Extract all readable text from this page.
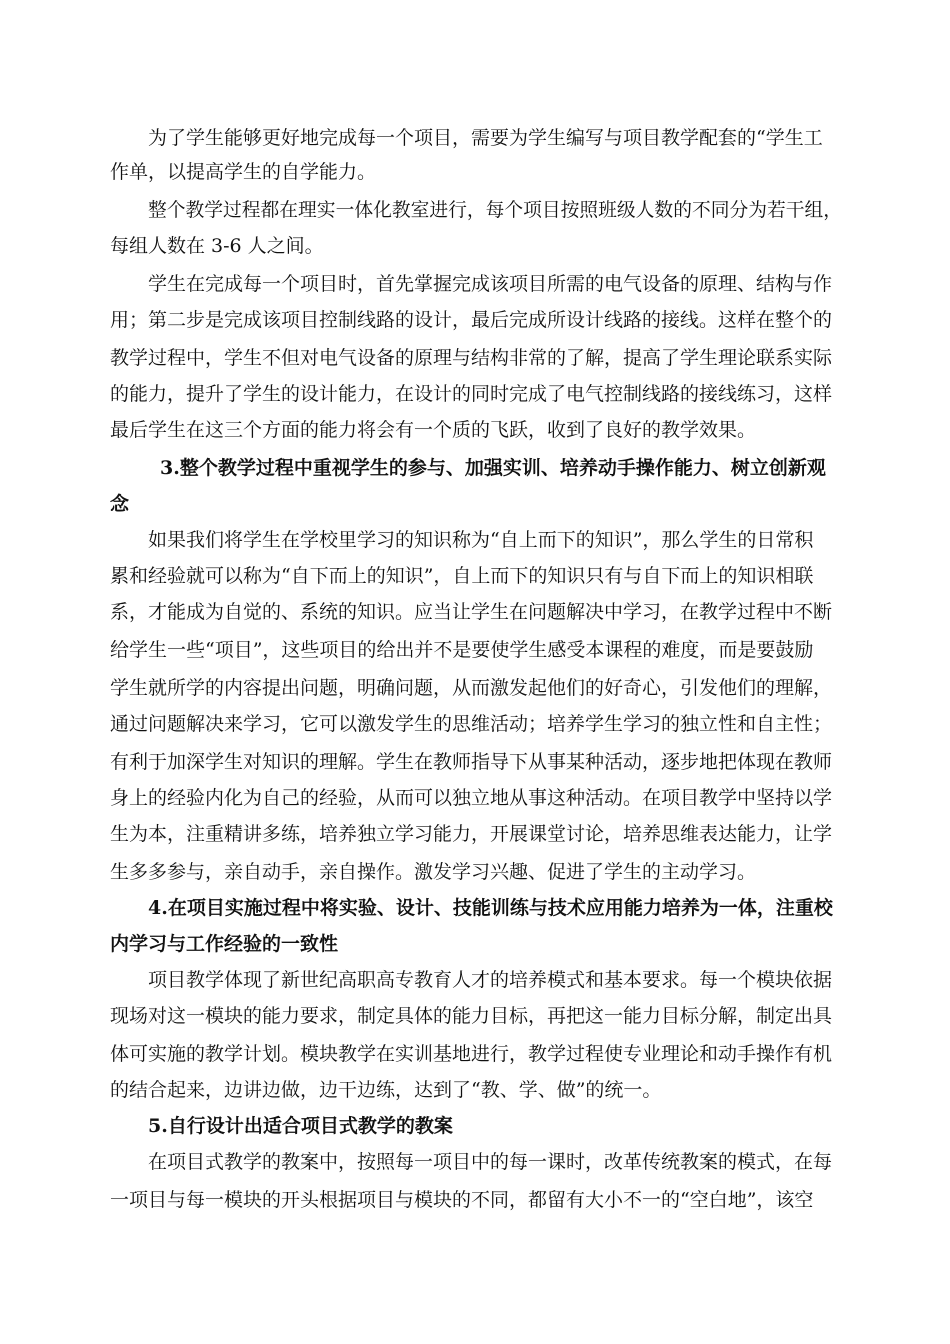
为了学生能够更好地完成每一个项目，需要为学生编写与项目教学配套的“学生工
作单，以提高学生的自学能力。
整个教学过程都在理实一体化教室进行，每个项目按照班级人数的不同分为若干组，
每组人数在 3-6 人之间。
学生在完成每一个项目时，首先掌握完成该项目所需的电气设备的原理、结构与作
用；第二步是完成该项目控制线路的设计，最后完成所设计线路的接线。这样在整个的
教学过程中，学生不但对电气设备的原理与结构非常的了解，提高了学生理论联系实际
的能力，提升了学生的设计能力，在设计的同时完成了电气控制线路的接线练习，这样
最后学生在这三个方面的能力将会有一个质的飞跃，收到了良好的教学效果。
3.整个教学过程中重视学生的参与、加强实训、培养动手操作能力、树立创新观
念
如果我们将学生在学校里学习的知识称为“自上而下的知识”，那么学生的日常积
累和经验就可以称为“自下而上的知识”，自上而下的知识只有与自下而上的知识相联
系，才能成为自觉的、系统的知识。应当让学生在问题解决中学习，在教学过程中不断
给学生一些“项目”，这些项目的给出并不是要使学生感受本课程的难度，而是要鼓励
学生就所学的内容提出问题，明确问题，从而激发起他们的好奇心，引发他们的理解，
通过问题解决来学习，它可以激发学生的思维活动；培养学生学习的独立性和自主性；
有利于加深学生对知识的理解。学生在教师指导下从事某种活动，逐步地把体现在教师
身上的经验内化为自己的经验，从而可以独立地从事这种活动。在项目教学中坚持以学
生为本，注重精讲多练，培养独立学习能力，开展课堂讨论，培养思维表达能力，让学
生多多参与，亲自动手，亲自操作。激发学习兴趣、促进了学生的主动学习。
4.在项目实施过程中将实验、设计、技能训练与技术应用能力培养为一体，注重校
内学习与工作经验的一致性
项目教学体现了新世纪高职高专教育人才的培养模式和基本要求。每一个模块依据
现场对这一模块的能力要求，制定具体的能力目标，再把这一能力目标分解，制定出具
体可实施的教学计划。模块教学在实训基地进行，教学过程使专业理论和动手操作有机
的结合起来，边讲边做，边干边练，达到了“教、学、做”的统一。
5.自行设计出适合项目式教学的教案
在项目式教学的教案中，按照每一项目中的每一课时，改革传统教案的模式，在每
一项目与每一模块的开头根据项目与模块的不同，都留有大小不一的“空白地”，该空
